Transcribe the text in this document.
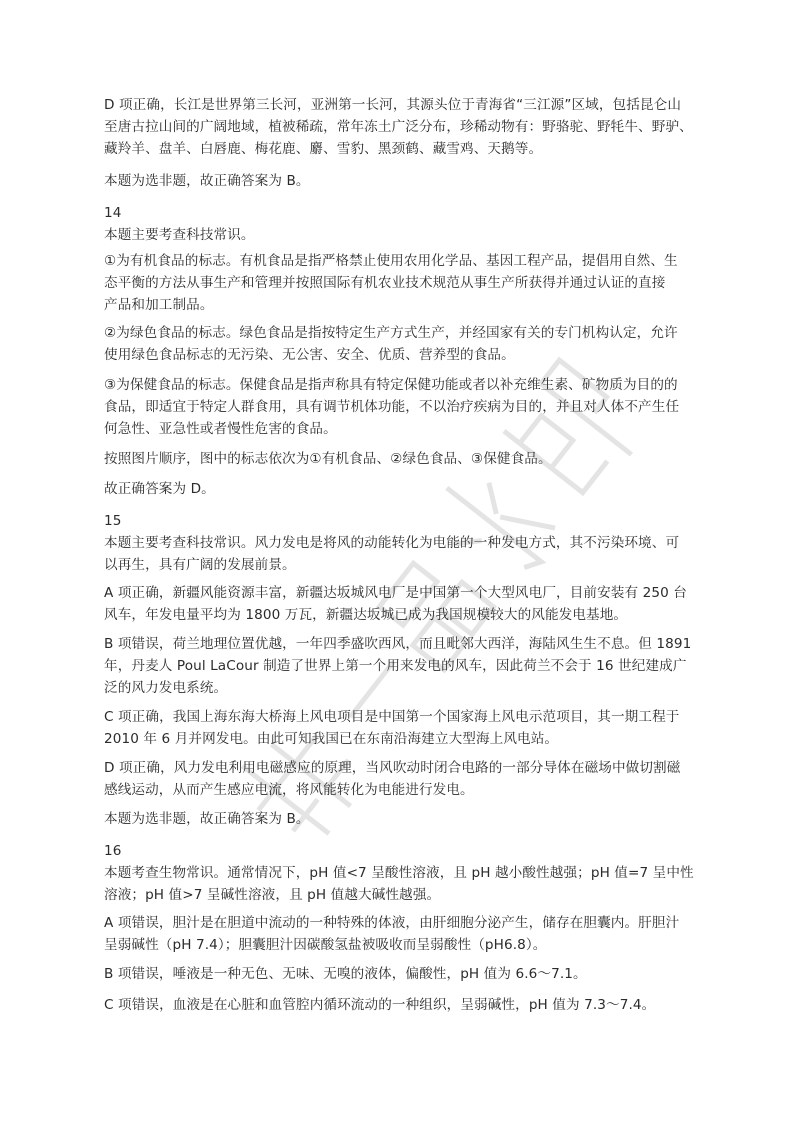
D 项正确，长江是世界第三长河，亚洲第一长河，其源头位于青海省“三江源”区域，包括昆仑山
至唐古拉山间的广阔地域，植被稀疏，常年冻土广泛分布，珍稀动物有：野骆驼、野牦牛、野驴、
藏羚羊、盘羊、白唇鹿、梅花鹿、麝、雪豹、黑颈鹤、藏雪鸡、天鹅等。

本题为选非题，故正确答案为 B。

14
本题主要考查科技常识。

①为有机食品的标志。有机食品是指严格禁止使用农用化学品、基因工程产品，提倡用自然、生
态平衡的方法从事生产和管理并按照国际有机农业技术规范从事生产所获得并通过认证的直接
产品和加工制品。

②为绿色食品的标志。绿色食品是指按特定生产方式生产，并经国家有关的专门机构认定，允许
使用绿色食品标志的无污染、无公害、安全、优质、营养型的食品。

③为保健食品的标志。保健食品是指声称具有特定保健功能或者以补充维生素、矿物质为目的的
食品，即适宜于特定人群食用，具有调节机体功能，不以治疗疾病为目的，并且对人体不产生任
何急性、亚急性或者慢性危害的食品。

按照图片顺序，图中的标志依次为①有机食品、②绿色食品、③保健食品。

故正确答案为 D。

15
本题主要考查科技常识。风力发电是将风的动能转化为电能的一种发电方式，其不污染环境、可
以再生，具有广阔的发展前景。

A 项正确，新疆风能资源丰富，新疆达坂城风电厂是中国第一个大型风电厂，目前安装有 250 台
风车，年发电量平均为 1800 万瓦，新疆达坂城已成为我国规模较大的风能发电基地。

B 项错误，荷兰地理位置优越，一年四季盛吹西风，而且毗邻大西洋，海陆风生生不息。但 1891
年，丹麦人 Poul LaCour 制造了世界上第一个用来发电的风车，因此荷兰不会于 16 世纪建成广
泛的风力发电系统。

C 项正确，我国上海东海大桥海上风电项目是中国第一个国家海上风电示范项目，其一期工程于
2010 年 6 月并网发电。由此可知我国已在东南沿海建立大型海上风电站。

D 项正确，风力发电利用电磁感应的原理，当风吹动时闭合电路的一部分导体在磁场中做切割磁
感线运动，从而产生感应电流，将风能转化为电能进行发电。

本题为选非题，故正确答案为 B。

16
本题考查生物常识。通常情况下，pH 值<7 呈酸性溶液，且 pH 越小酸性越强；pH 值=7 呈中性
溶液；pH 值>7 呈碱性溶液，且 pH 值越大碱性越强。

A 项错误，胆汁是在胆道中流动的一种特殊的体液，由肝细胞分泌产生，储存在胆囊内。肝胆汁
呈弱碱性（pH 7.4）；胆囊胆汁因碳酸氢盐被吸收而呈弱酸性（pH6.8）。

B 项错误，唾液是一种无色、无味、无嗅的液体，偏酸性，pH 值为 6.6～7.1。

C 项错误，血液是在心脏和血管腔内循环流动的一种组织，呈弱碱性，pH 值为 7.3～7.4。
